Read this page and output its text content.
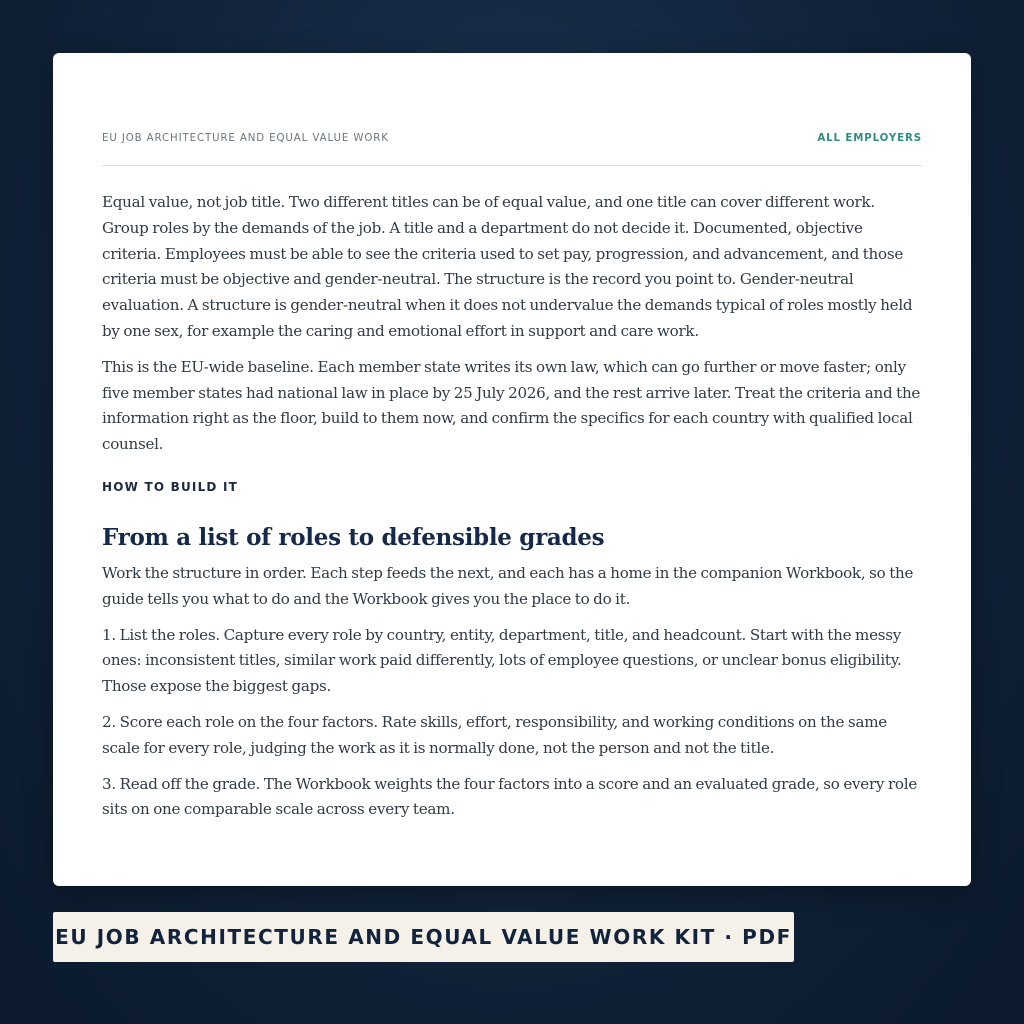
EU JOB ARCHITECTURE AND EQUAL VALUE WORK	ALL EMPLOYERS

Equal value, not job title. Two different titles can be of equal value, and one title can cover different work. Group roles by the demands of the job. A title and a department do not decide it. Documented, objective criteria. Employees must be able to see the criteria used to set pay, progression, and advancement, and those criteria must be objective and gender-neutral. The structure is the record you point to. Gender-neutral evaluation. A structure is gender-neutral when it does not undervalue the demands typical of roles mostly held by one sex, for example the caring and emotional effort in support and care work.

This is the EU-wide baseline. Each member state writes its own law, which can go further or move faster; only five member states had national law in place by 25 July 2026, and the rest arrive later. Treat the criteria and the information right as the floor, build to them now, and confirm the specifics for each country with qualified local counsel.

HOW TO BUILD IT
From a list of roles to defensible grades

Work the structure in order. Each step feeds the next, and each has a home in the companion Workbook, so the guide tells you what to do and the Workbook gives you the place to do it.

1. List the roles. Capture every role by country, entity, department, title, and headcount. Start with the messy ones: inconsistent titles, similar work paid differently, lots of employee questions, or unclear bonus eligibility. Those expose the biggest gaps.

2. Score each role on the four factors. Rate skills, effort, responsibility, and working conditions on the same scale for every role, judging the work as it is normally done, not the person and not the title.

3. Read off the grade. The Workbook weights the four factors into a score and an evaluated grade, so every role sits on one comparable scale across every team.

EU JOB ARCHITECTURE AND EQUAL VALUE WORK KIT · PDF
